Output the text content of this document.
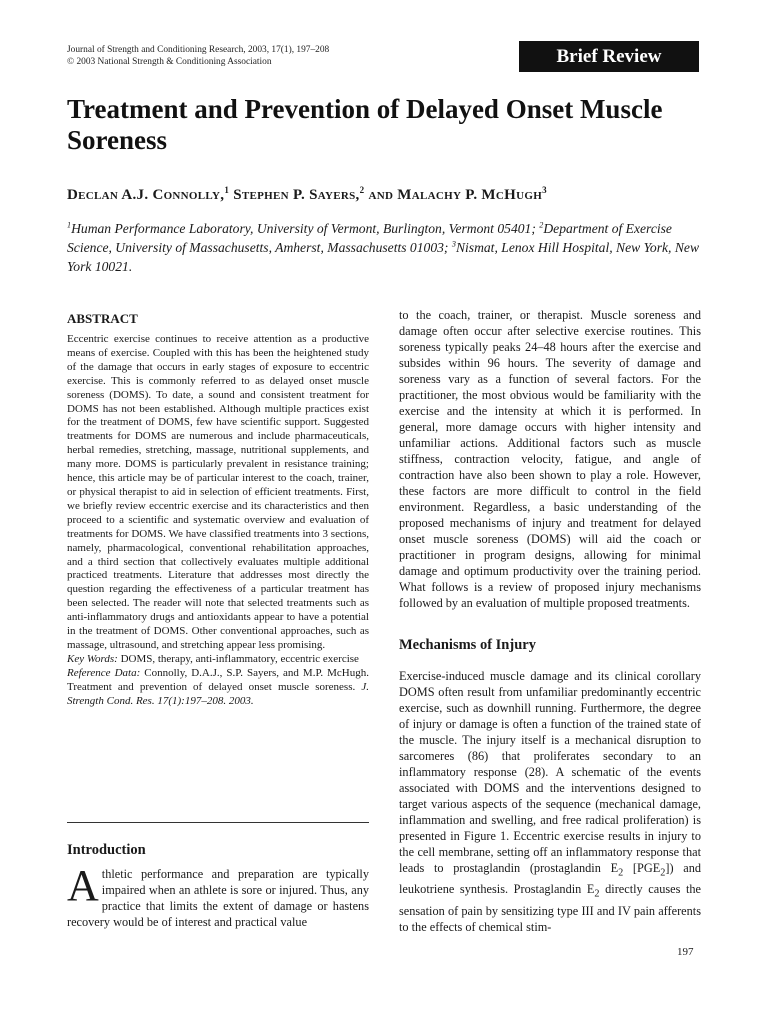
Journal of Strength and Conditioning Research, 2003, 17(1), 197–208
© 2003 National Strength & Conditioning Association	Brief Review
Treatment and Prevention of Delayed Onset Muscle Soreness
Declan A.J. Connolly,$^1$ Stephen P. Sayers,$^2$ and Malachy P. McHugh$^3$
$^1$Human Performance Laboratory, University of Vermont, Burlington, Vermont 05401; $^2$Department of Exercise Science, University of Massachusetts, Amherst, Massachusetts 01003; $^3$Nismat, Lenox Hill Hospital, New York, New York 10021.
ABSTRACT

Eccentric exercise continues to receive attention as a productive means of exercise. Coupled with this has been the heightened study of the damage that occurs in early stages of exposure to eccentric exercise. This is commonly referred to as delayed onset muscle soreness (DOMS). To date, a sound and consistent treatment for DOMS has not been established. Although multiple practices exist for the treatment of DOMS, few have scientific support. Suggested treatments for DOMS are numerous and include pharmaceuticals, herbal remedies, stretching, massage, nutritional supplements, and many more. DOMS is particularly prevalent in resistance training; hence, this article may be of particular interest to the coach, trainer, or physical therapist to aid in selection of efficient treatments. First, we briefly review eccentric exercise and its characteristics and then proceed to a scientific and systematic overview and evaluation of treatments for DOMS. We have classified treatments into 3 sections, namely, pharmacological, conventional rehabilitation approaches, and a third section that collectively evaluates multiple additional practiced treatments. Literature that addresses most directly the question regarding the effectiveness of a particular treatment has been selected. The reader will note that selected treatments such as anti-inflammatory drugs and antioxidants appear to have a potential in the treatment of DOMS. Other conventional approaches, such as massage, ultrasound, and stretching appear less promising.

Key Words: DOMS, therapy, anti-inflammatory, eccentric exercise

Reference Data: Connolly, D.A.J., S.P. Sayers, and M.P. McHugh. Treatment and prevention of delayed onset muscle soreness. J. Strength Cond. Res. 17(1):197–208. 2003.

Introduction

Athletic performance and preparation are typically impaired when an athlete is sore or injured. Thus, any practice that limits the extent of damage or hastens recovery would be of interest and practical value

to the coach, trainer, or therapist. Muscle soreness and damage often occur after selective exercise routines. This soreness typically peaks 24–48 hours after the exercise and subsides within 96 hours. The severity of damage and soreness vary as a function of several factors. For the practitioner, the most obvious would be familiarity with the exercise and the intensity at which it is performed. In general, more damage occurs with higher intensity and unfamiliar actions. Additional factors such as muscle stiffness, contraction velocity, fatigue, and angle of contraction have also been shown to play a role. However, these factors are more difficult to control in the field environment. Regardless, a basic understanding of the proposed mechanisms of injury and treatment for delayed onset muscle soreness (DOMS) will aid the coach or practitioner in program designs, allowing for minimal damage and optimum productivity over the training period. What follows is a review of proposed injury mechanisms followed by an evaluation of multiple proposed treatments.

Mechanisms of Injury

Exercise-induced muscle damage and its clinical corollary DOMS often result from unfamiliar predominantly eccentric exercise, such as downhill running. Furthermore, the degree of injury or damage is often a function of the trained state of the muscle. The injury itself is a mechanical disruption to sarcomeres (86) that proliferates secondary to an inflammatory response (28). A schematic of the events associated with DOMS and the interventions designed to target various aspects of the sequence (mechanical damage, inflammation and swelling, and free radical proliferation) is presented in Figure 1. Eccentric exercise results in injury to the cell membrane, setting off an inflammatory response that leads to prostaglandin (prostaglandin $E_2$ $[PGE_2]$) and leukotriene synthesis. Prostaglandin $E_2$ directly causes the sensation of pain by sensitizing type III and IV pain afferents to the effects of chemical stim-

197
